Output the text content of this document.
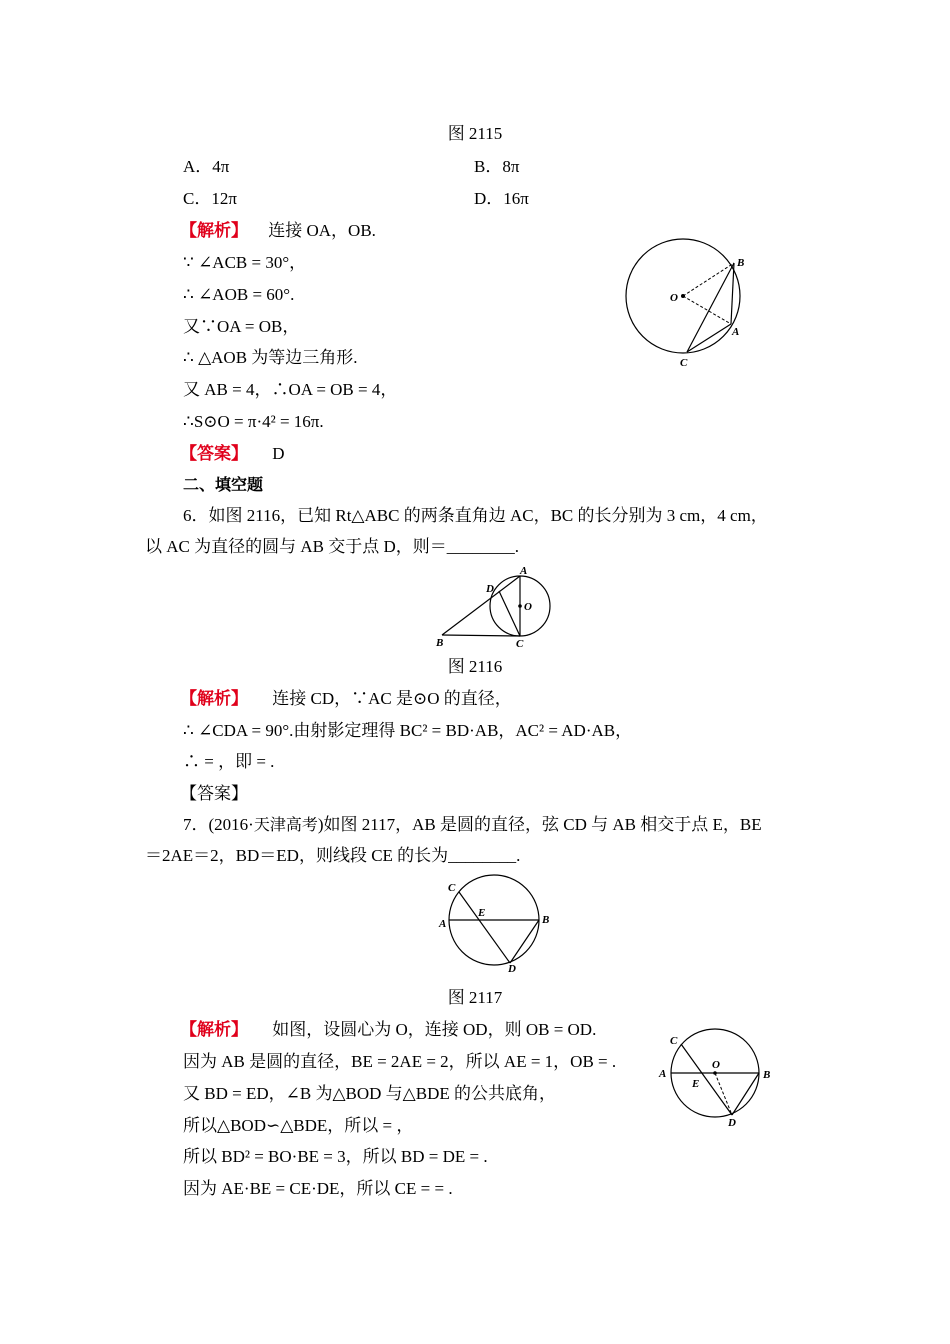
图 2115
A．4π	B．8π
C．12π	D．16π
【解析】 连接 OA，OB.
∵ ∠ACB = 30°，
∴ ∠AOB = 60°.
又∵OA = OB，
∴ △AOB 为等边三角形.
又 AB = 4，∴OA = OB = 4，
∴S⊙O = π·4² = 16π.
【答案】 D
O
B
A
C
二、填空题
6．如图 2116，已知 Rt△ABC 的两条直角边 AC，BC 的长分别为 3 cm，4 cm，
以 AC 为直径的圆与 AB 交于点 D，则＝________.
A
D
O
B	C
图 2116
【解析】 连接 CD，∵AC 是⊙O 的直径，
∴ ∠CDA = 90°.由射影定理得 BC² = BD·AB，AC² = AD·AB，
∴ = ，即 = .
【答案】
7．(2016·天津高考)如图 2117，AB 是圆的直径，弦 CD 与 AB 相交于点 E，BE
＝2AE＝2，BD＝ED，则线段 CE 的长为________.
C
E
A	B
D
图 2117
【解析】 如图，设圆心为 O，连接 OD，则 OB = OD.
因为 AB 是圆的直径，BE = 2AE = 2，所以 AE = 1，OB = .
又 BD = ED，∠B 为△BOD 与△BDE 的公共底角，
所以△BOD∽△BDE，所以 = ，
所以 BD² = BO·BE = 3，所以 BD = DE = .
因为 AE·BE = CE·DE，所以 CE = = .
C
O
A
E
B
D
